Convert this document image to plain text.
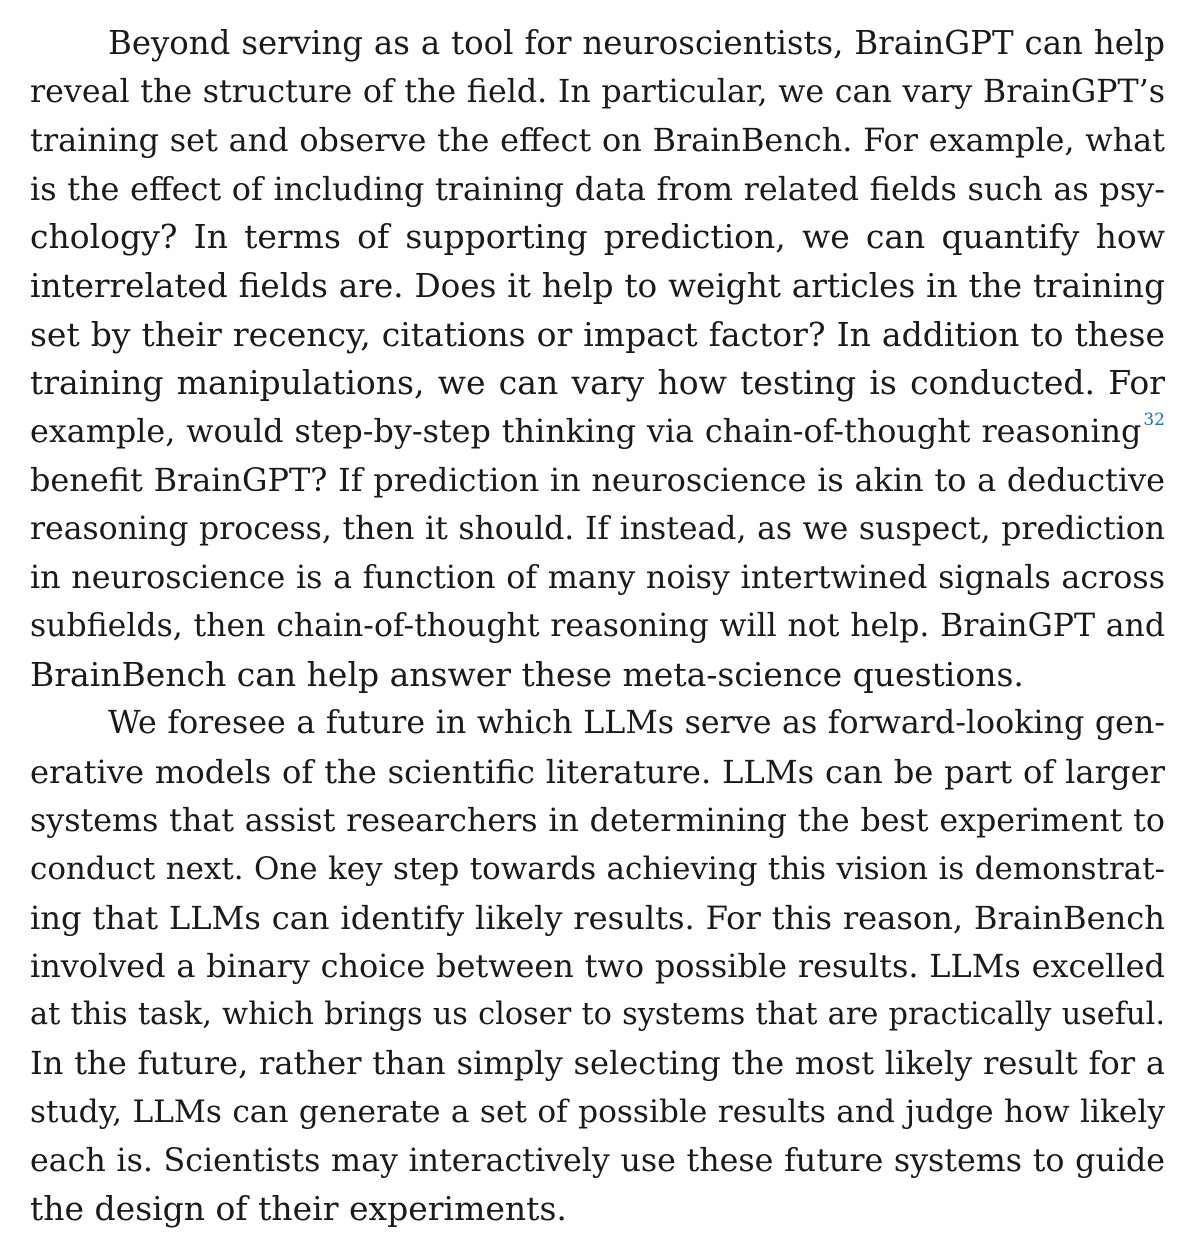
Beyond serving as a tool for neuroscientists, BrainGPT can help
reveal the structure of the field. In particular, we can vary BrainGPT’s
training set and observe the effect on BrainBench. For example, what
is the effect of including training data from related fields such as psy-
chology? In terms of supporting prediction, we can quantify how
interrelated fields are. Does it help to weight articles in the training
set by their recency, citations or impact factor? In addition to these
training manipulations, we can vary how testing is conducted. For
example, would step-by-step thinking via chain-of-thought reasoning $^{32}$
benefit BrainGPT? If prediction in neuroscience is akin to a deductive
reasoning process, then it should. If instead, as we suspect, prediction
in neuroscience is a function of many noisy intertwined signals across
subfields, then chain-of-thought reasoning will not help. BrainGPT and
BrainBench can help answer these meta-science questions.
We foresee a future in which LLMs serve as forward-looking gen-
erative models of the scientific literature. LLMs can be part of larger
systems that assist researchers in determining the best experiment to
conduct next. One key step towards achieving this vision is demonstrat-
ing that LLMs can identify likely results. For this reason, BrainBench
involved a binary choice between two possible results. LLMs excelled
at this task, which brings us closer to systems that are practically useful.
In the future, rather than simply selecting the most likely result for a
study, LLMs can generate a set of possible results and judge how likely
each is. Scientists may interactively use these future systems to guide
the design of their experiments.
